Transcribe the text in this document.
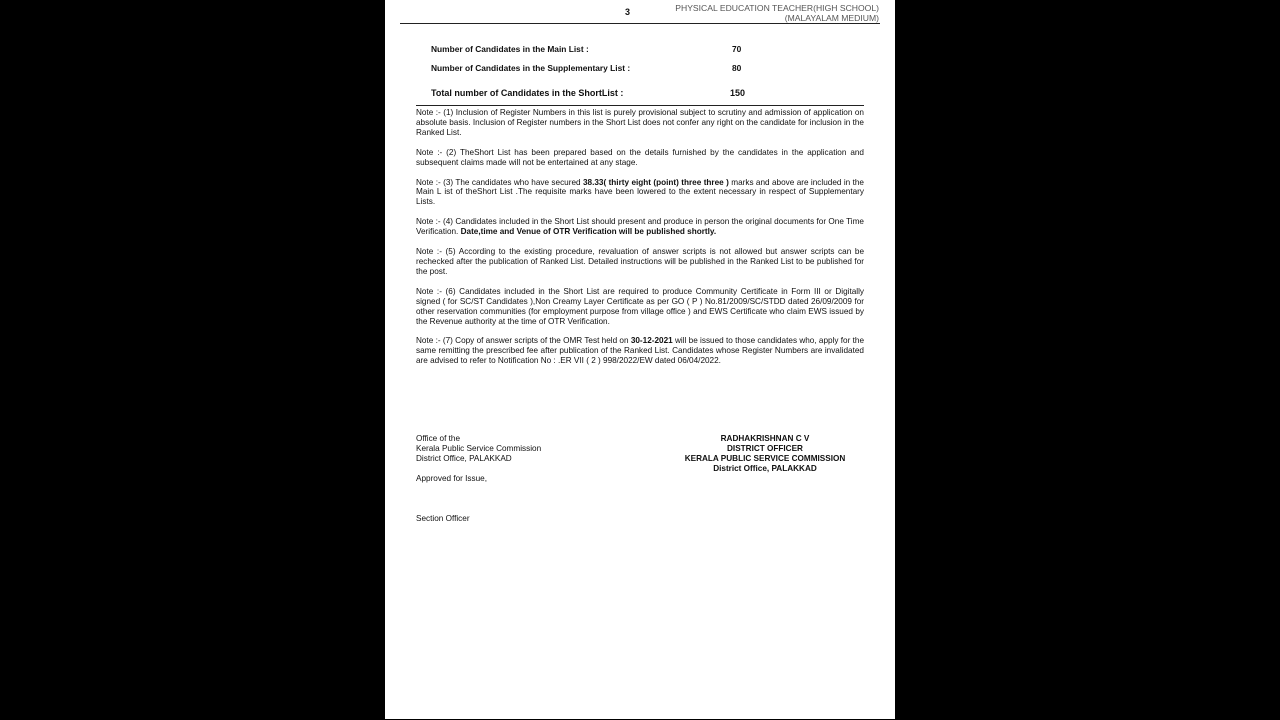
3	PHYSICAL EDUCATION TEACHER(HIGH SCHOOL)
(MALAYALAM MEDIUM)
Number of Candidates in the Main List :	70
Number of Candidates in the Supplementary List :	80
Total number of Candidates in the ShortList :	150

Note :- (1) Inclusion of Register Numbers in this list is purely provisional subject to scrutiny and admission of application on absolute basis. Inclusion of Register numbers in the Short List does not confer any right on the candidate for inclusion in the Ranked List.

Note :- (2) TheShort List has been prepared based on the details furnished by the candidates in the application and subsequent claims made will not be entertained at any stage.

Note :- (3) The candidates who have secured 38.33( thirty eight (point) three three ) marks and above are included in the Main L ist of theShort List .The requisite marks have been lowered to the extent necessary in respect of Supplementary Lists.

Note :- (4) Candidates included in the Short List should present and produce in person the original documents for One Time Verification. Date,time and Venue of OTR Verification will be published shortly.

Note :- (5) According to the existing procedure, revaluation of answer scripts is not allowed but answer scripts can be rechecked after the publication of Ranked List. Detailed instructions will be published in the Ranked List to be published for the post.

Note :- (6) Candidates included in the Short List are required to produce Community Certificate in Form III or Digitally signed ( for SC/ST Candidates ),Non Creamy Layer Certificate as per GO ( P ) No.81/2009/SC/STDD dated 26/09/2009 for other reservation communities (for employment purpose from village office ) and EWS Certificate who claim EWS issued by the Revenue authority at the time of OTR Verification.

Note :- (7) Copy of answer scripts of the OMR Test held on 30-12-2021 will be issued to those candidates who, apply for the same remitting the prescribed fee after publication of the Ranked List. Candidates whose Register Numbers are invalidated are advised to refer to Notification No : .ER VII ( 2 ) 998/2022/EW dated 06/04/2022.

Office of the
Kerala Public Service Commission
District Office, PALAKKAD
RADHAKRISHNAN C V
DISTRICT OFFICER
KERALA PUBLIC SERVICE COMMISSION
District Office, PALAKKAD
Approved for Issue,
Section Officer
